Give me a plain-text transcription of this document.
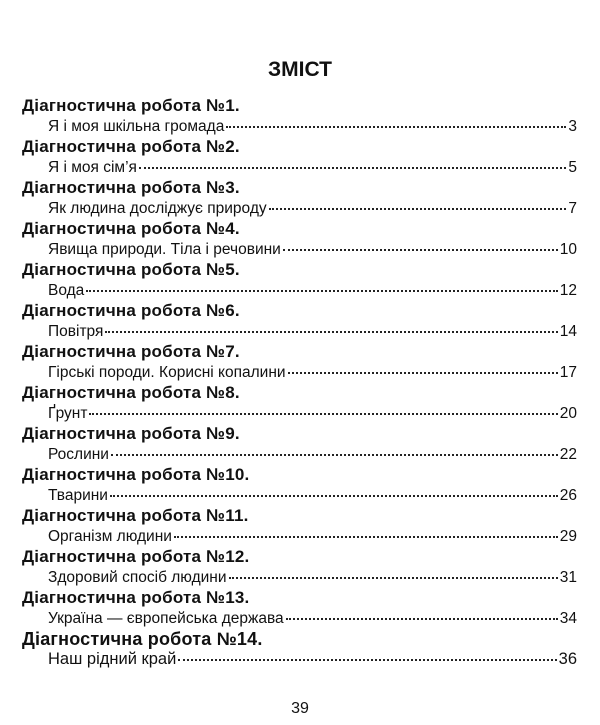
ЗМІСТ
Діагностична робота №1.
Я і моя шкільна громада	3
Діагностична робота №2.
Я і моя сім’я	5
Діагностична робота №3.
Як людина досліджує природу	7
Діагностична робота №4.
Явища природи. Тіла і речовини	10
Діагностична робота №5.
Вода	12
Діагностична робота №6.
Повітря	14
Діагностична робота №7.
Гірські породи. Корисні копалини	17
Діагностична робота №8.
Ґрунт	20
Діагностична робота №9.
Рослини	22
Діагностична робота №10.
Тварини	26
Діагностична робота №11.
Організм людини	29
Діагностична робота №12.
Здоровий спосіб людини	31
Діагностична робота №13.
Україна — європейська держава	34
Діагностична робота №14.
Наш рідний край	36
39
